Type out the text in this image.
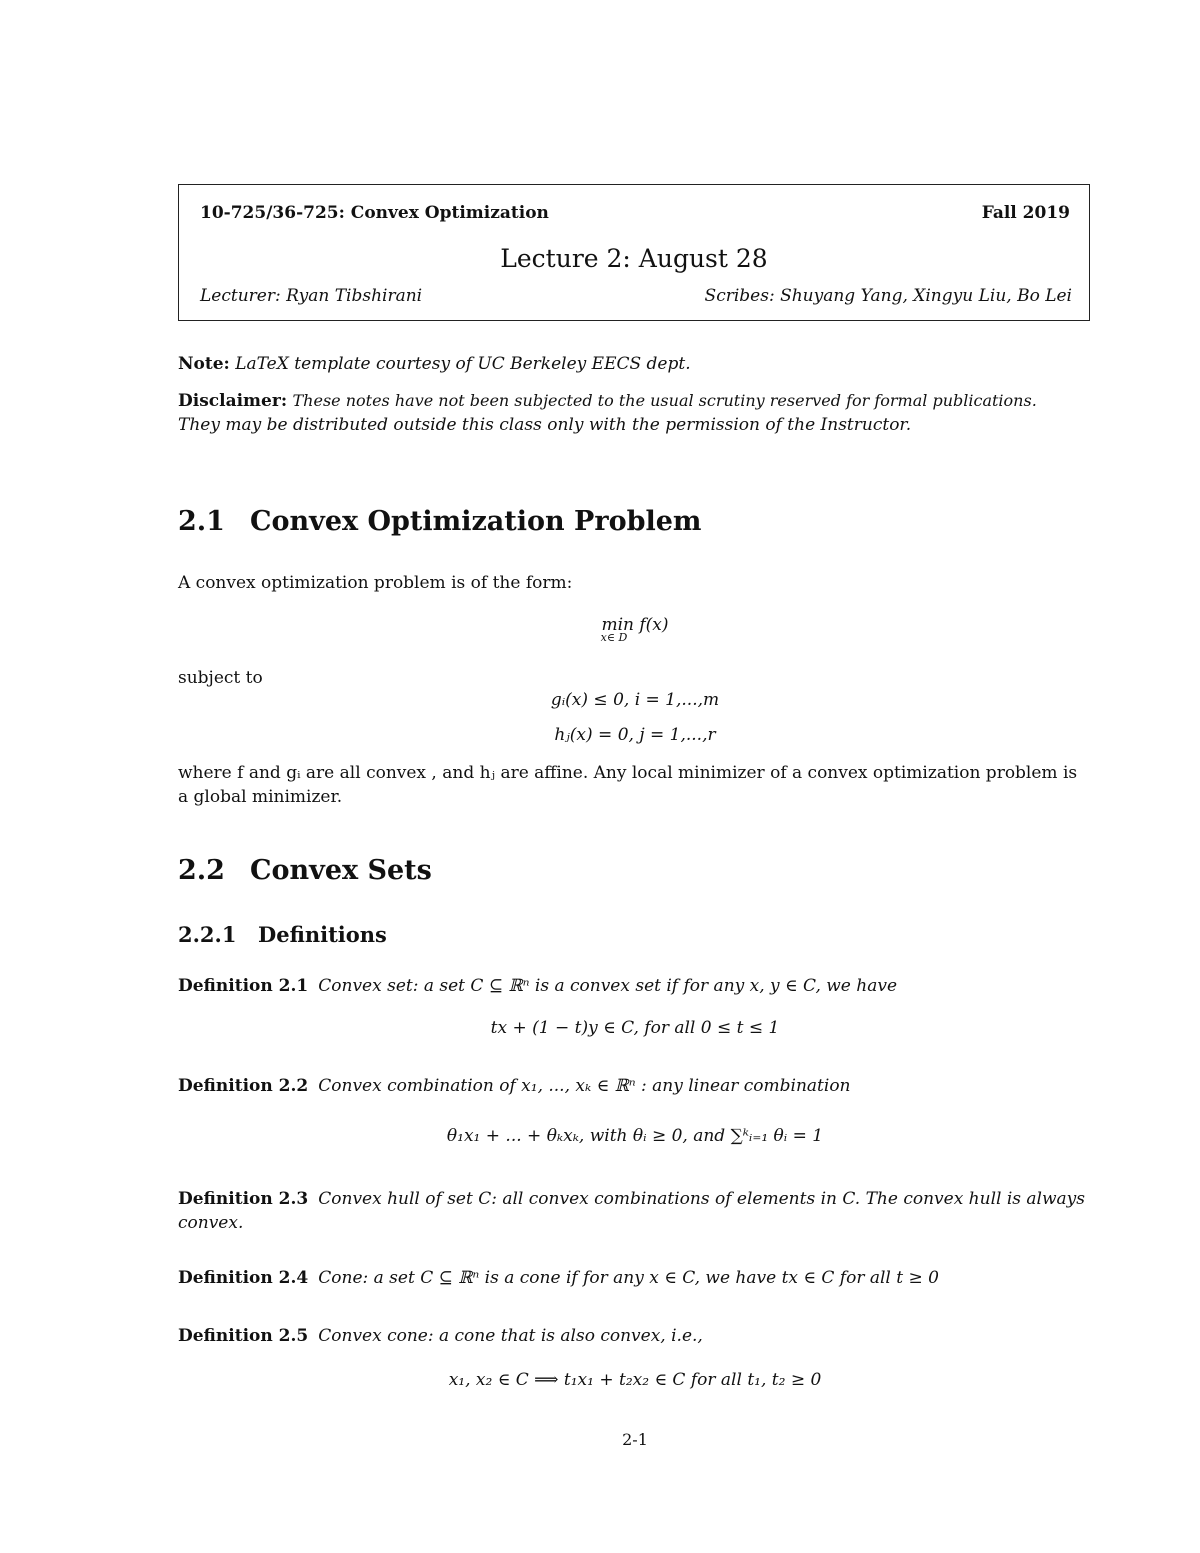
10-725/36-725: Convex Optimization	Fall 2019
Lecture 2: August 28
Lecturer: Ryan Tibshirani	Scribes: Shuyang Yang, Xingyu Liu, Bo Lei
Note: LaTeX template courtesy of UC Berkeley EECS dept.
Disclaimer: These notes have not been subjected to the usual scrutiny reserved for formal publications.
They may be distributed outside this class only with the permission of the Instructor.
2.1 Convex Optimization Problem
A convex optimization problem is of the form:
min f(x)
x∈ D
subject to
gᵢ(x) ≤ 0, i = 1,...,m
hⱼ(x) = 0, j = 1,...,r
where f and gᵢ are all convex , and hⱼ are affine. Any local minimizer of a convex optimization problem is
a global minimizer.
2.2 Convex Sets
2.2.1 Definitions
Definition 2.1 Convex set: a set C ⊆ ℝⁿ is a convex set if for any x, y ∈ C, we have
tx + (1 − t)y ∈ C, for all 0 ≤ t ≤ 1
Definition 2.2 Convex combination of x₁, ..., xₖ ∈ ℝⁿ : any linear combination
θ₁x₁ + ... + θₖxₖ, with θᵢ ≥ 0, and ∑ᵏᵢ₌₁ θᵢ = 1
Definition 2.3 Convex hull of set C: all convex combinations of elements in C. The convex hull is always
convex.
Definition 2.4 Cone: a set C ⊆ ℝⁿ is a cone if for any x ∈ C, we have tx ∈ C for all t ≥ 0
Definition 2.5 Convex cone: a cone that is also convex, i.e.,
x₁, x₂ ∈ C ⟹ t₁x₁ + t₂x₂ ∈ C for all t₁, t₂ ≥ 0
2-1
